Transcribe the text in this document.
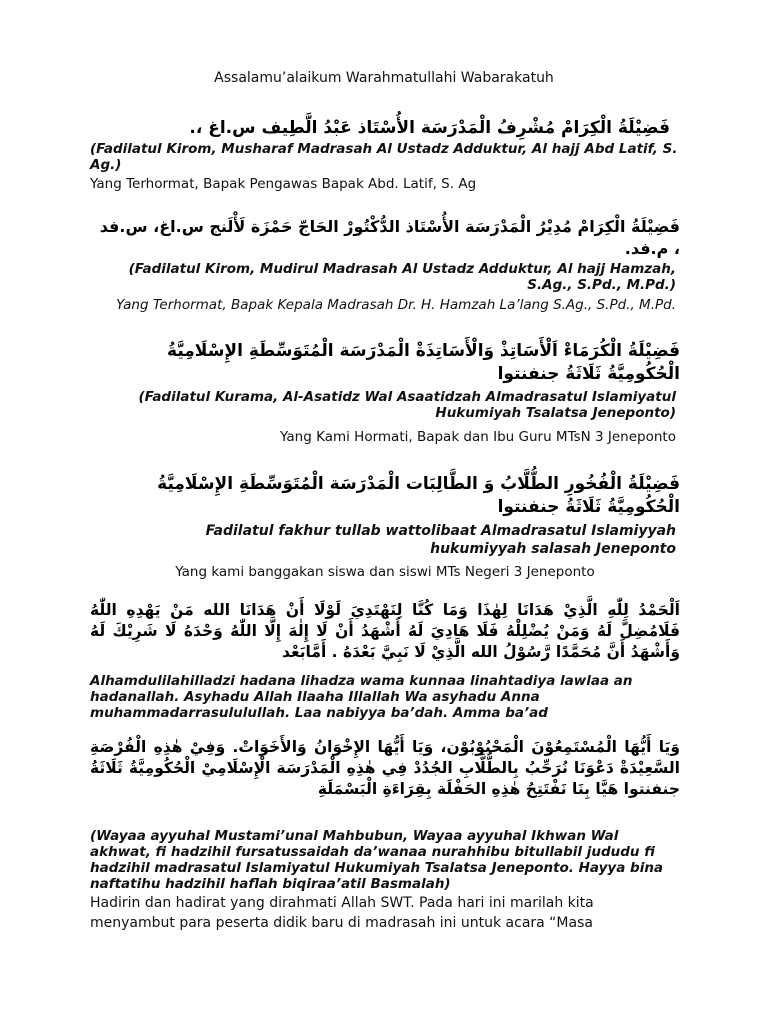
Assalamu’alaikum Warahmatullahi Wabarakatuh
فَضِيْلَةُ الْكِرَامْ مُشْرِفُ الْمَدْرَسَة الأُسْتَاذ عَبْدُ الَّطِيف س.اغ ،.
(Fadilatul Kirom, Musharaf Madrasah Al Ustadz Adduktur, Al hajj Abd Latif, S. Ag.)
Yang Terhormat, Bapak Pengawas Bapak Abd. Latif, S. Ag
فَضِيْلَةُ الْكِرَامْ مُدِيْرُ الْمَدْرَسَة الأُسْتَاذ الدُّكْتُورْ الحَاجّ حَمْزَة لَأْلَنج س.اغ، س.فد ، م.فد.
(Fadilatul Kirom, Mudirul Madrasah Al Ustadz Adduktur, Al hajj Hamzah, S.Ag., S.Pd., M.Pd.)
Yang Terhormat, Bapak Kepala Madrasah Dr. H. Hamzah La’lang S.Ag., S.Pd., M.Pd.
فَضِيْلَةُ الْكُرَمَاءْ اَلْأَسَاتِذْ وَالْأَسَاتِذَةْ الْمَدْرَسَة الْمُتَوَسِّطَةِ الإِسْلَامِيَّةُ الْحُكُومِيَّةُ ثَلَاثَةُ جنفنتوا
(Fadilatul Kurama, Al-Asatidz Wal Asaatidzah Almadrasatul Islamiyatul Hukumiyah Tsalatsa Jeneponto)
Yang Kami Hormati, Bapak dan Ibu Guru MTsN 3 Jeneponto
فَضِيْلَةُ الْفُخُورِ الطُّلَّابُ وَ الطَّالِبَات الْمَدْرَسَة الْمُتَوَسِّطَةِ الإِسْلَامِيَّةُ الْحُكُومِيَّةُ ثَلَاثَةُ جنفنتوا
Fadilatul fakhur tullab wattolibaat Almadrasatul Islamiyyah hukumiyyah salasah Jeneponto
Yang kami banggakan siswa dan siswi MTs Negeri 3 Jeneponto
اَلْحَمْدُ لِلّٰهِ الَّذِيْ هَدَانَا لِهٰذَا وَمَا كُنَّا لِنَهْتَدِيَ لَوْلَا أَنْ هَدَانَا الله مَنْ يَهْدِهِ اللّٰهُ فَلَامُضِلَّ لَهُ وَمَنْ يُضْلِلْهُ فَلَا هَادِيَ لَهُ أَشْهَدُ أَنْ لَا إِلٰهَ إِلَّا اللّٰهُ وَحْدَهُ لَا شَرِيْكَ لَهُ وَأَشْهَدُ أَنَّ مُحَمَّدًا رَّسُوْلُ الله الَّذِيْ لَا نَبِيَّ بَعْدَهُ . أَمَّابَعْد
Alhamdulilahilladzi hadana lihadza wama kunnaa linahtadiya lawlaa an hadanallah. Asyhadu Allah Ilaaha Illallah Wa asyhadu Anna muhammadarrasululullah. Laa nabiyya ba’dah. Amma ba’ad
وَيَا أَيُّهَا الْمُسْتَمِعُوْنَ الْمَحْبُوْبُوْن، وَيَا أَيُّهَا الإِخْوَانُ وَالأَخَوَاتْ. وَفِيْ هٰذِهِ الْفُرْصَةِ السَّعِيْدَةْ دَعْوَنَا نُرَحِّبُ بِالطُّلَّابِ الجُدُدْ فِي هٰذِهِ الْمَدْرَسَة الْإِسْلَامِيْ الْحُكُومِيَّةُ ثَلَاثَةُ جنفنتوا هَيَّا بِنَا نَفْتَتِحُ هٰذِهِ الحَفْلَة بِقِرَاءَةِ الْبَسْمَلَةِ
(Wayaa ayyuhal Mustami’unal Mahbubun, Wayaa ayyuhal Ikhwan Wal akhwat, fi hadzihil fursatussaidah da’wanaa nurahhibu bitullabil jududu fi hadzihil madrasatul Islamiyatul Hukumiyah Tsalatsa Jeneponto. Hayya bina naftatihu hadzihil haflah biqiraa’atil Basmalah)
Hadirin dan hadirat yang dirahmati Allah SWT. Pada hari ini marilah kita menyambut para peserta didik baru di madrasah ini untuk acara “Masa
